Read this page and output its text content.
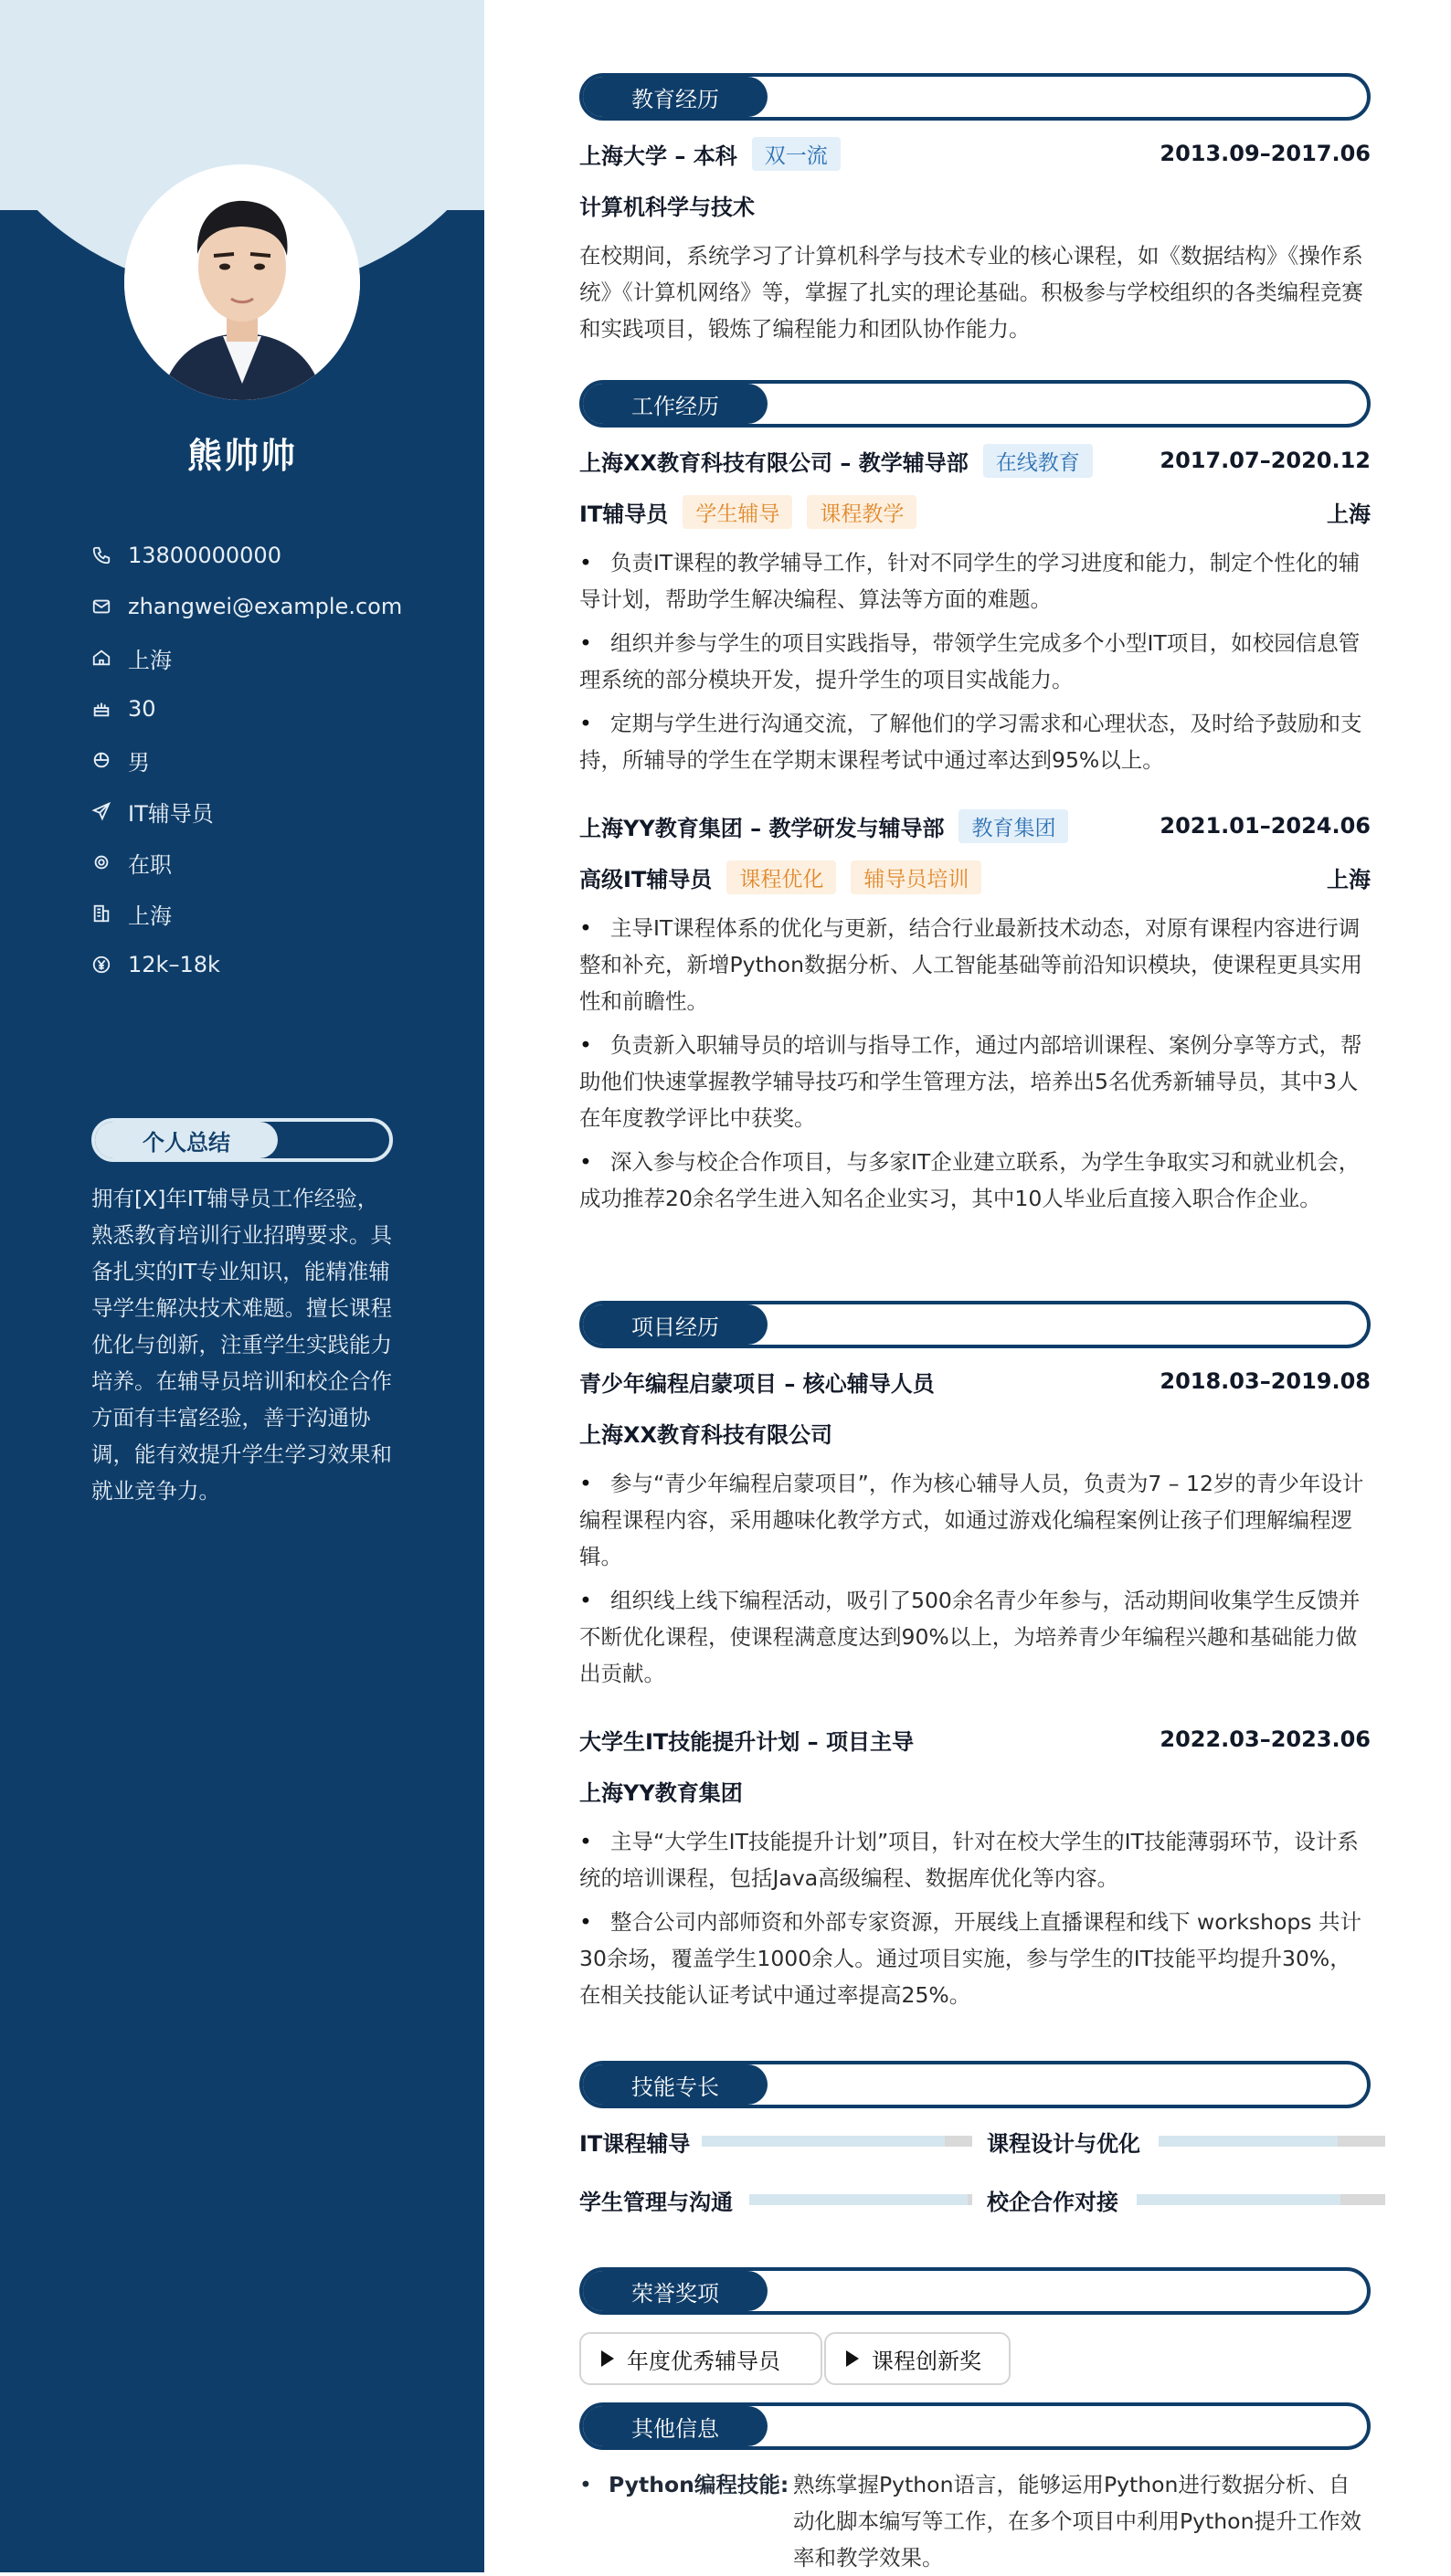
熊帅帅
13800000000
zhangwei@example.com
上海
30
男
IT辅导员
在职
上海
12k–18k
个人总结
拥有[X]年IT辅导员工作经验，熟悉教育培训行业招聘要求。具备扎实的IT专业知识，能精准辅导学生解决技术难题。擅长课程优化与创新，注重学生实践能力培养。在辅导员培训和校企合作方面有丰富经验，善于沟通协调，能有效提升学生学习效果和就业竞争力。
教育经历
上海大学 – 本科	双一流	2013.09–2017.06
计算机科学与技术
在校期间，系统学习了计算机科学与技术专业的核心课程，如《数据结构》《操作系统》《计算机网络》等，掌握了扎实的理论基础。积极参与学校组织的各类编程竞赛和实践项目，锻炼了编程能力和团队协作能力。
工作经历
上海XX教育科技有限公司 – 教学辅导部	在线教育	2017.07–2020.12
IT辅导员	学生辅导	课程教学	上海
• 负责IT课程的教学辅导工作，针对不同学生的学习进度和能力，制定个性化的辅导计划，帮助学生解决编程、算法等方面的难题。
• 组织并参与学生的项目实践指导，带领学生完成多个小型IT项目，如校园信息管理系统的部分模块开发，提升学生的项目实战能力。
• 定期与学生进行沟通交流，了解他们的学习需求和心理状态，及时给予鼓励和支持，所辅导的学生在学期末课程考试中通过率达到95%以上。
上海YY教育集团 – 教学研发与辅导部	教育集团	2021.01–2024.06
高级IT辅导员	课程优化	辅导员培训	上海
• 主导IT课程体系的优化与更新，结合行业最新技术动态，对原有课程内容进行调整和补充，新增Python数据分析、人工智能基础等前沿知识模块，使课程更具实用性和前瞻性。
• 负责新入职辅导员的培训与指导工作，通过内部培训课程、案例分享等方式，帮助他们快速掌握教学辅导技巧和学生管理方法，培养出5名优秀新辅导员，其中3人在年度教学评比中获奖。
• 深入参与校企合作项目，与多家IT企业建立联系，为学生争取实习和就业机会，成功推荐20余名学生进入知名企业实习，其中10人毕业后直接入职合作企业。
项目经历
青少年编程启蒙项目 – 核心辅导人员	2018.03–2019.08
上海XX教育科技有限公司
• 参与“青少年编程启蒙项目”，作为核心辅导人员，负责为7 – 12岁的青少年设计编程课程内容，采用趣味化教学方式，如通过游戏化编程案例让孩子们理解编程逻辑。
• 组织线上线下编程活动，吸引了500余名青少年参与，活动期间收集学生反馈并不断优化课程，使课程满意度达到90%以上，为培养青少年编程兴趣和基础能力做出贡献。
大学生IT技能提升计划 – 项目主导	2022.03–2023.06
上海YY教育集团
• 主导“大学生IT技能提升计划”项目，针对在校大学生的IT技能薄弱环节，设计系统的培训课程，包括Java高级编程、数据库优化等内容。
• 整合公司内部师资和外部专家资源，开展线上直播课程和线下 workshops 共计30余场，覆盖学生1000余人。通过项目实施，参与学生的IT技能平均提升30%，在相关技能认证考试中通过率提高25%。
技能专长
IT课程辅导	课程设计与优化
学生管理与沟通	校企合作对接
荣誉奖项
年度优秀辅导员	课程创新奖
其他信息
• Python编程技能: 熟练掌握Python语言，能够运用Python进行数据分析、自动化脚本编写等工作，在多个项目中利用Python提升工作效率和教学效果。
